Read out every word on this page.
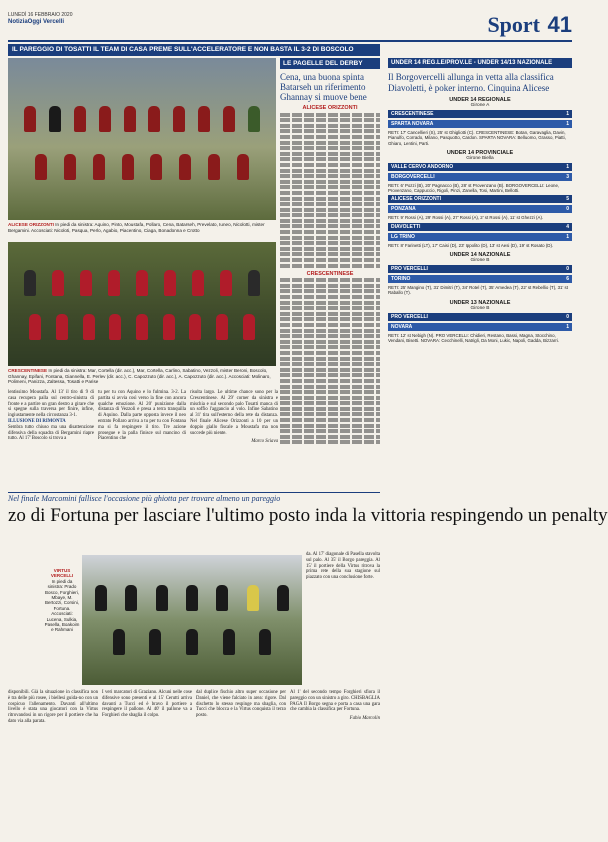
LUNEDÌ 16 FEBBRAIO 2020
NotiziaOggi Vercelli	Sport 41
IL PAREGGIO DI TOSATTI IL TEAM DI CASA PREME SULL'ACCELERATORE E NON BASTA IL 3-2 DI BOSCOLO
ALICESE ORIZZONTI In piedi da sinistra: Aquino, Pinto, Moustafa, Pollaro, Cena, Batarseh, Prevelato, Iuneo, Nicolotti, mister Bergamini. Accosciati: Nicoloti, Pasqua, Perlo, Agabio, Piacentino, Ciaga, Bonadonna e Crotto
CRESCENTINESE In piedi da sinistra: Mar, Cortella (dir. acc.), Mar, Cortella, Carlino, Sabatino, Vezzoli, mister Beroni, Boscolo, Ghannay, Epifani, Fontana, Giannella, E. Perlev (dir. acc.), C. Capozzuto (dir. acc.), A. Capozzuto (dir. acc.). Accosciati: Molinaro, Polimeni, Panizza, Zaltessa, Tosatti e Parise
LE PAGELLE DEL DERBY
Cena, una buona spinta Batarseh un riferimento Ghannay si muove bene
ALICESE ORIZZONTI
CRESCENTINESE

lentissimo Moustafa. Al 13' il tiro di 9 di casa recupera palla sul centro-sinistra di fronte e a partire un gran destro a girare che si spegne sulla traversa per finire, infine, ingiustamente nella circostanza 3-1.

ILLUSIONE DI RIMONTA

Sembra tutto chiuso ma una disattenzione difensiva della squadra di Bergamini riapre tutto. Al 17' Boscolo si trova a

tu per tu con Aquino e lo fulmina. 3-2. La partita si avvia così verso la fine con ancora qualche emozione. Al 20' punizione dalla distanza di Vezzoli e presa a terra tranquilla di Aquino. Dalla parte opposta invece il neo entrato Pollaro arriva a tu per tu con Fontana ma si fa respingere il tiro. Tre azione prosegue e la palla finisce sul mancino di Piacentino che

risulta largo. Le ultime chance sono per la Crescentinese. Al 29' corner da sinistra e mischia e sul secondo palo Tosatti manca di un soffio l'aggancio al volo. Infine Sabatino al 31' tira sull'esterno della rete da distanza. Nel finale Alicese Orizzonti a 10 per un doppio giallo fiscale a Moustafa ma non succede più niente.

Marco Sciava
Nel finale Marcomini fallisce l'occasione più ghiotta per trovare almeno un pareggio
zo di Fortuna per lasciare l'ultimo posto inda la vittoria respingendo un penalty
VIRTUS VERCELLI
In piedi da sinistra: Prado Bosco, Forghieri, Mbaye, M. Bertozzi, Corsini, Fortuna. Accosciati: Lucena, Sulkia, Pasella, Boakoim e Rahmani

da. Al 17' diagonale di Pasella stavolta sul palo. Al 35' il Borgo pareggia. Al 15' il portiere della Virtus ritrova la prima rete della sua stagione sul piazzato con una conclusione forte.

disponibili. Già la situazione in classifica non è tra delle più rosee, i biellesi guida-no con un cospicuo l'allenamento. Davanti all'ultimo livello è stata una giocatori con la Virtus ritrovandosi in un rigore per il portiere che ha dato via alla parata.

I veri marcatori di Graziano. Alcuni nelle cose difensive sono presenti e al 15' Cerutti arriva davanti a Tucci ed è bravo il portiere a respingere il pallone. Al 40' il pallone va a Forghieri che sbaglia il colpo.

dal duplice fischio altro super occasione per Daniel, che viene falciato in area: rigore. Dal dischetto lo stesso respinge ma sbaglia, con Tucci che blocca e la Virtus conquista il terzo posto.

Al 1' del secondo tempo Forghieri sfiora il pareggio con un sinistro a giro. CHISBAGLIA PAGA Il Borgo segna e porta a casa una gara che cambia la classifica per Fortuna.

Fabio Marcolin
UNDER 14 REG.LE/PROV.LE - UNDER 14/13 NAZIONALE
Il Borgovercelli allunga in vetta alla classifica Diavoletti, è poker interno. Cinquina Alicese
UNDER 14 REGIONALE
Girone A
CRESCENTINESE	1
SPARTA NOVARA	1
RETI: 17' Cancellieri (S), 25' st Ghigliotti (C). CRESCENTINESE: Botan, Garavaglia, Davin, Pianulfo, Corrado, Milano, Pasquotto, Cardon. SPARTA NOVARA: Belluomo, Grasso, Piatti, Ghiaro, Lentini, Parti.
UNDER 14 PROVINCIALE
Girone Biella
VALLE CERVO ANDORNO	1
BORGOVERCELLI	3
RETI: 6' Pozzi (B), 20' Pagnacco (B), 28' st Provenzano (B). BORGOVERCELLI: Leone, Provenzano, Cappuccio, Rigoli, Pinzi, Zanella, Tosi, Martini, Bellotti.
ALICESE ORIZZONTI	5
PONZANA	0
RETI: 9' Rossi (A), 29' Rossi (A), 27' Rossi (A), 2' st Rossi (A), 11' st Ghezzi (A).
DIAVOLETTI	4
LG TRINO	1
RETI: 8' Farinetti (LT), 17' Caisi (D), 23' Ippolito (D), 13' st Aesi (D), 19' st Rosato (D).
UNDER 14 NAZIONALE
Girone B
PRO VERCELLI	0
TORINO	6
RETI: 25' Mangino (T), 31' Dimitri (T), 34' Rotel (T), 35' Amedea (T), 22' st Rebellio (T), 31' st Raballo (T).
UNDER 13 NAZIONALE
Girone B
PRO VERCELLI	0
NOVARA	1
RETI: 12' st Nebigh (N). PRO VERCELLI: Chidieri, Restano, Bassi, Magna, Stocchino, Vendani, Bisetti. NOVARA: Cecchinelli, Natrigli, Da Moni, Lukic, Napoli, Gadda, Bizzarri.
